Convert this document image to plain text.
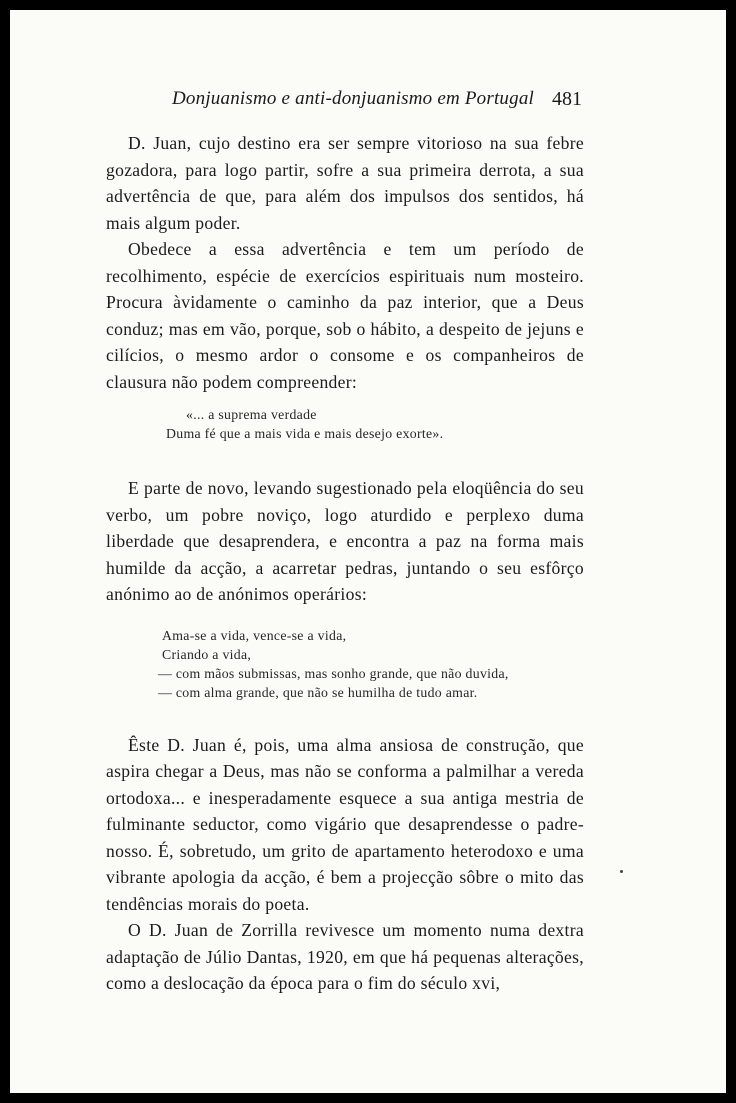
Donjuanismo e anti-donjuanismo em Portugal 481

D. Juan, cujo destino era ser sempre vitorioso na sua febre gozadora, para logo partir, sofre a sua primeira derrota, a sua advertência de que, para além dos impulsos dos sentidos, há mais algum poder.

Obedece a essa advertência e tem um período de recolhimento, espécie de exercícios espirituais num mosteiro. Procura àvidamente o caminho da paz interior, que a Deus conduz; mas em vão, porque, sob o hábito, a despeito de jejuns e cilícios, o mesmo ardor o consome e os companheiros de clausura não podem compreender:

«... a suprema verdade
Duma fé que a mais vida e mais desejo exorte».

E parte de novo, levando sugestionado pela eloqüência do seu verbo, um pobre noviço, logo aturdido e perplexo duma liberdade que desaprendera, e encontra a paz na forma mais humilde da acção, a acarretar pedras, juntando o seu esfôrço anónimo ao de anónimos operários:

Ama-se a vida, vence-se a vida,
Criando a vida,
— com mãos submissas, mas sonho grande, que não duvida,
— com alma grande, que não se humilha de tudo amar.

Êste D. Juan é, pois, uma alma ansiosa de construção, que aspira chegar a Deus, mas não se conforma a palmilhar a vereda ortodoxa... e inesperadamente esquece a sua antiga mestria de fulminante seductor, como vigário que desaprendesse o padre-nosso. É, sobretudo, um grito de apartamento heterodoxo e uma vibrante apologia da acção, é bem a projecção sôbre o mito das tendências morais do poeta.

O D. Juan de Zorrilla revivesce um momento numa dextra adaptação de Júlio Dantas, 1920, em que há pequenas alterações, como a deslocação da época para o fim do século xvi,
